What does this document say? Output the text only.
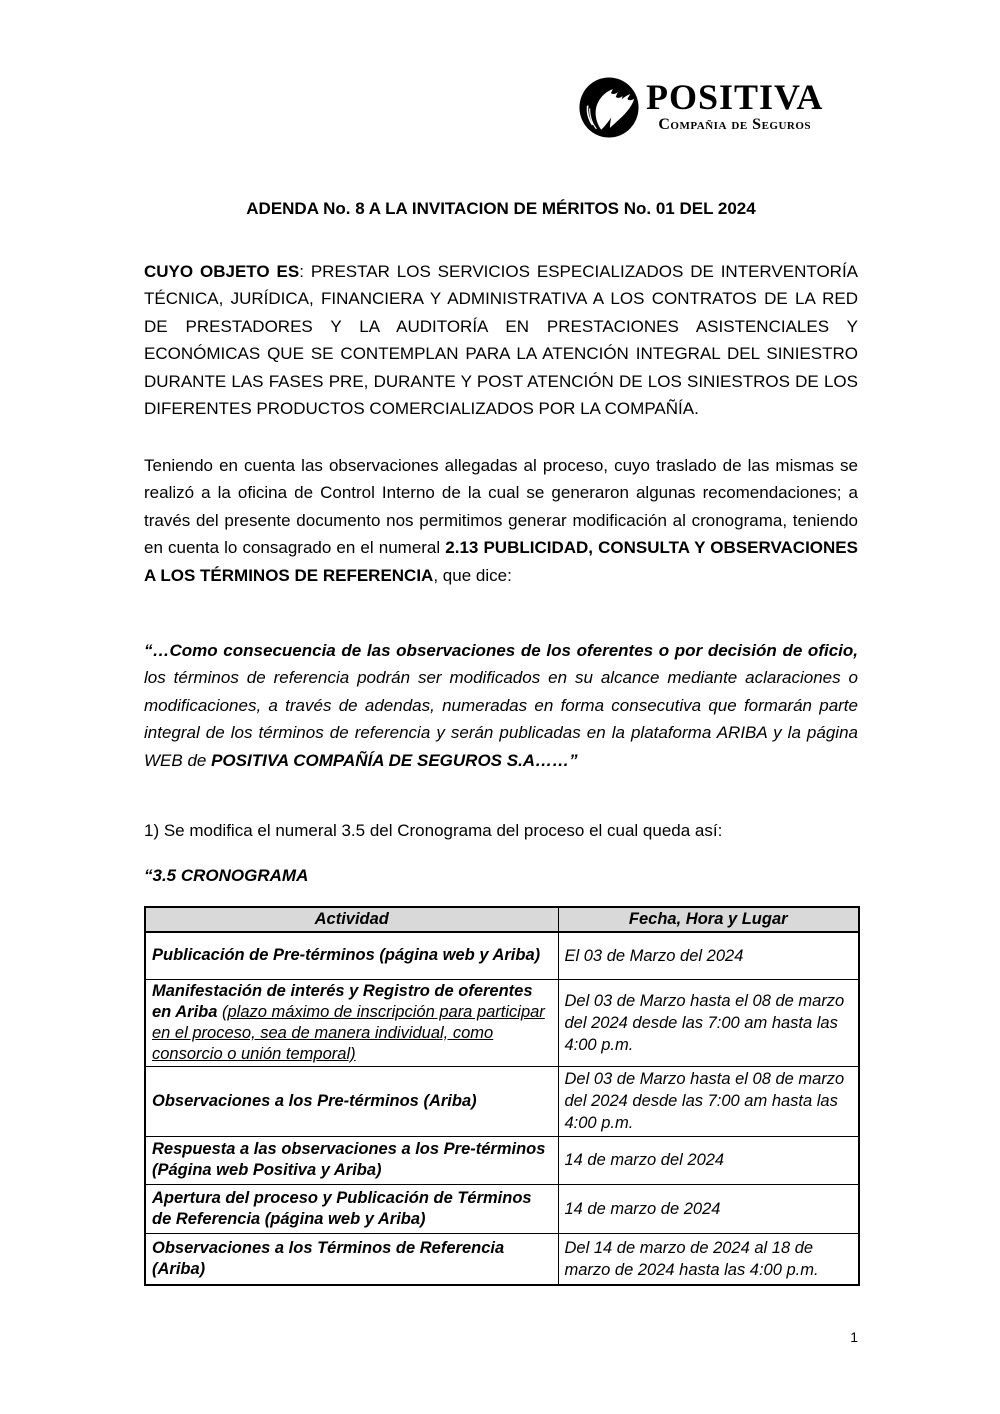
POSITIVA
Compañia de Seguros
ADENDA No. 8 A LA INVITACION DE MÉRITOS No. 01 DEL 2024

CUYO OBJETO ES: PRESTAR LOS SERVICIOS ESPECIALIZADOS DE INTERVENTORÍA TÉCNICA, JURÍDICA, FINANCIERA Y ADMINISTRATIVA A LOS CONTRATOS DE LA RED DE PRESTADORES Y LA AUDITORÍA EN PRESTACIONES ASISTENCIALES Y ECONÓMICAS QUE SE CONTEMPLAN PARA LA ATENCIÓN INTEGRAL DEL SINIESTRO DURANTE LAS FASES PRE, DURANTE Y POST ATENCIÓN DE LOS SINIESTROS DE LOS DIFERENTES PRODUCTOS COMERCIALIZADOS POR LA COMPAÑÍA.

Teniendo en cuenta las observaciones allegadas al proceso, cuyo traslado de las mismas se realizó a la oficina de Control Interno de la cual se generaron algunas recomendaciones; a través del presente documento nos permitimos generar modificación al cronograma, teniendo en cuenta lo consagrado en el numeral 2.13 PUBLICIDAD, CONSULTA Y OBSERVACIONES A LOS TÉRMINOS DE REFERENCIA, que dice:

“…Como consecuencia de las observaciones de los oferentes o por decisión de oficio, los términos de referencia podrán ser modificados en su alcance mediante aclaraciones o modificaciones, a través de adendas, numeradas en forma consecutiva que formarán parte integral de los términos de referencia y serán publicadas en la plataforma ARIBA y la página WEB de POSITIVA COMPAÑÍA DE SEGUROS S.A……”

1) Se modifica el numeral 3.5 del Cronograma del proceso el cual queda así:
“3.5 CRONOGRAMA
Actividad	Fecha, Hora y Lugar
Publicación de Pre-términos (página web y Ariba)	El 03 de Marzo del 2024
Manifestación de interés y Registro de oferentes en Ariba (plazo máximo de inscripción para participar en el proceso, sea de manera individual, como consorcio o unión temporal)	Del 03 de Marzo hasta el 08 de marzo del 2024 desde las 7:00 am hasta las 4:00 p.m.
Observaciones a los Pre-términos (Ariba)	Del 03 de Marzo hasta el 08 de marzo del 2024 desde las 7:00 am hasta las 4:00 p.m.
Respuesta a las observaciones a los Pre-términos (Página web Positiva y Ariba)	14 de marzo del 2024
Apertura del proceso y Publicación de Términos de Referencia (página web y Ariba)	14 de marzo de 2024
Observaciones a los Términos de Referencia (Ariba)	Del 14 de marzo de 2024 al 18 de marzo de 2024 hasta las 4:00 p.m.
1
